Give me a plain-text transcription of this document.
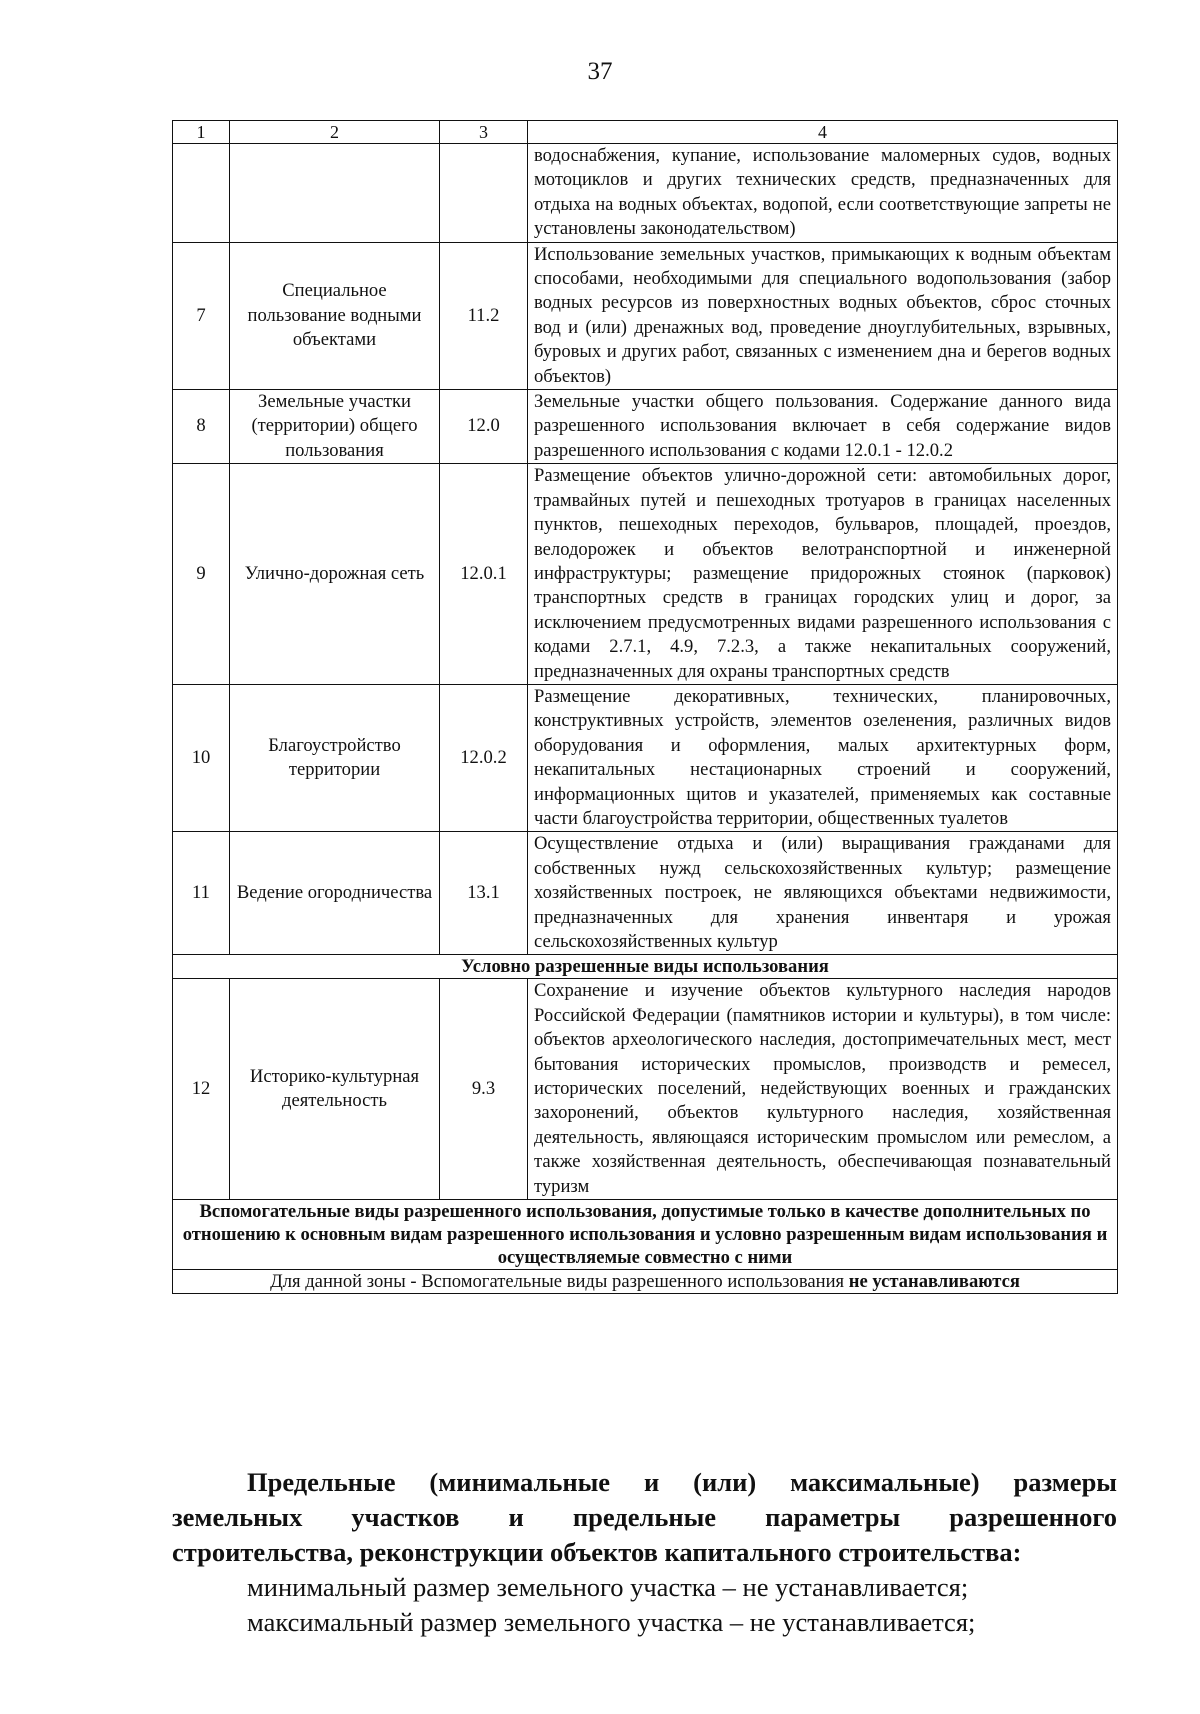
37
1	2	3	4
			водоснабжения, купание, использование маломерных судов, водных мотоциклов и других технических средств, предназначенных для отдыха на водных объектах, водопой, если соответствующие запреты не установлены законодательством)
7	Специальное пользование водными объектами	11.2	Использование земельных участков, примыкающих к водным объектам способами, необходимыми для специального водопользования (забор водных ресурсов из поверхностных водных объектов, сброс сточных вод и (или) дренажных вод, проведение дноуглубительных, взрывных, буровых и других работ, связанных с изменением дна и берегов водных объектов)
8	Земельные участки (территории) общего пользования	12.0	Земельные участки общего пользования. Содержание данного вида разрешенного использования включает в себя содержание видов разрешенного использования с кодами 12.0.1 - 12.0.2
9	Улично-дорожная сеть	12.0.1	Размещение объектов улично-дорожной сети: автомобильных дорог, трамвайных путей и пешеходных тротуаров в границах населенных пунктов, пешеходных переходов, бульваров, площадей, проездов, велодорожек и объектов велотранспортной и инженерной инфраструктуры; размещение придорожных стоянок (парковок) транспортных средств в границах городских улиц и дорог, за исключением предусмотренных видами разрешенного использования с кодами 2.7.1, 4.9, 7.2.3, а также некапитальных сооружений, предназначенных для охраны транспортных средств
10	Благоустройство территории	12.0.2	Размещение декоративных, технических, планировочных, конструктивных устройств, элементов озеленения, различных видов оборудования и оформления, малых архитектурных форм, некапитальных нестационарных строений и сооружений, информационных щитов и указателей, применяемых как составные части благоустройства территории, общественных туалетов
11	Ведение огородничества	13.1	Осуществление отдыха и (или) выращивания гражданами для собственных нужд сельскохозяйственных культур; размещение хозяйственных построек, не являющихся объектами недвижимости, предназначенных для хранения инвентаря и урожая сельскохозяйственных культур
Условно разрешенные виды использования			
12	Историко-культурная деятельность	9.3	Сохранение и изучение объектов культурного наследия народов Российской Федерации (памятников истории и культуры), в том числе: объектов археологического наследия, достопримечательных мест, мест бытования исторических промыслов, производств и ремесел, исторических поселений, недействующих военных и гражданских захоронений, объектов культурного наследия, хозяйственная деятельность, являющаяся историческим промыслом или ремеслом, а также хозяйственная деятельность, обеспечивающая познавательный туризм
Вспомогательные виды разрешенного использования, допустимые только в качестве дополнительных по отношению к основным видам разрешенного использования и условно разрешенным видам использования и осуществляемые совместно с ними			
Для данной зоны - Вспомогательные виды разрешенного использования не устанавливаются			
Предельные (минимальные и (или) максимальные) размеры
земельных участков и предельные параметры разрешенного
строительства, реконструкции объектов капитального строительства:
минимальный размер земельного участка – не устанавливается;
максимальный размер земельного участка – не устанавливается;
